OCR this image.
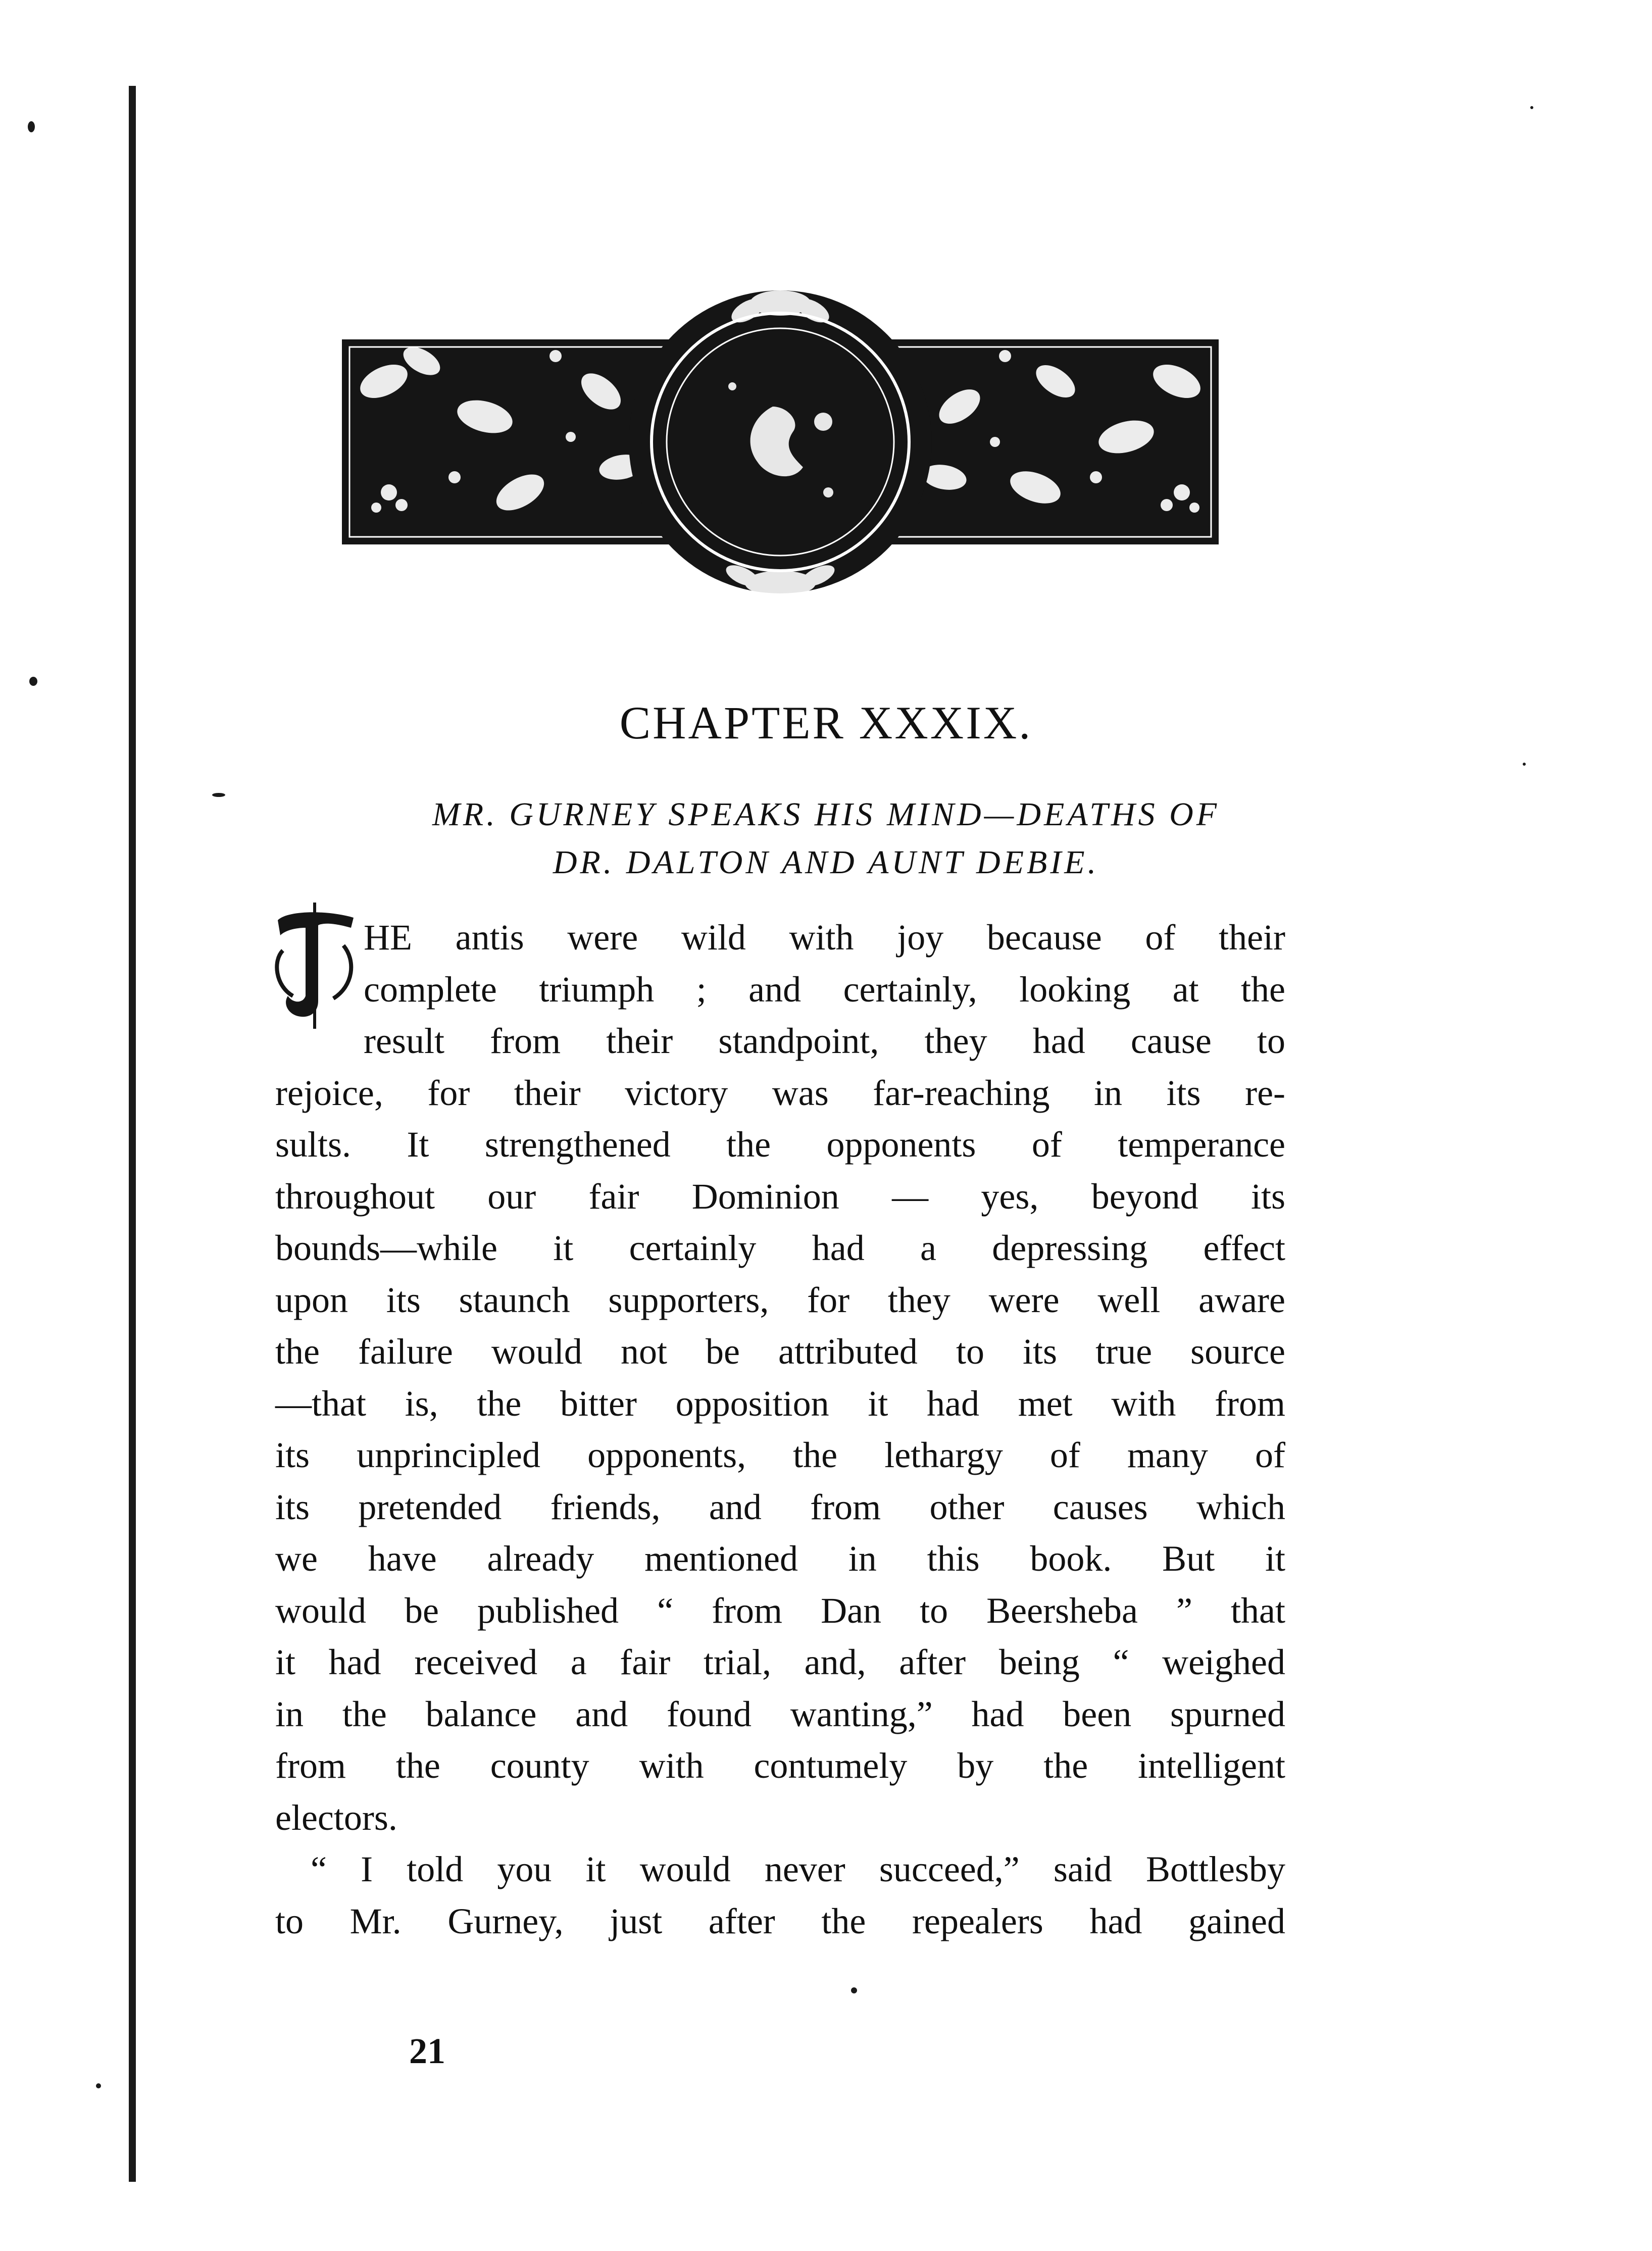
CHAPTER XXXIX.
MR. GURNEY SPEAKS HIS MIND—DEATHS OF
DR. DALTON AND AUNT DEBIE.
T
HE antis were wild with joy because of their
complete triumph ; and certainly, looking at the
result from their standpoint, they had cause to
rejoice, for their victory was far-reaching in its re-
sults. It strengthened the opponents of temperance
throughout our fair Dominion — yes, beyond its
bounds—while it certainly had a depressing effect
upon its staunch supporters, for they were well aware
the failure would not be attributed to its true source
—that is, the bitter opposition it had met with from
its unprincipled opponents, the lethargy of many of
its pretended friends, and from other causes which
we have already mentioned in this book. But it
would be published “ from Dan to Beersheba ” that
it had received a fair trial, and, after being “ weighed
in the balance and found wanting,” had been spurned
from the county with contumely by the intelligent
electors.
“ I told you it would never succeed,” said Bottlesby
to Mr. Gurney, just after the repealers had gained
21
